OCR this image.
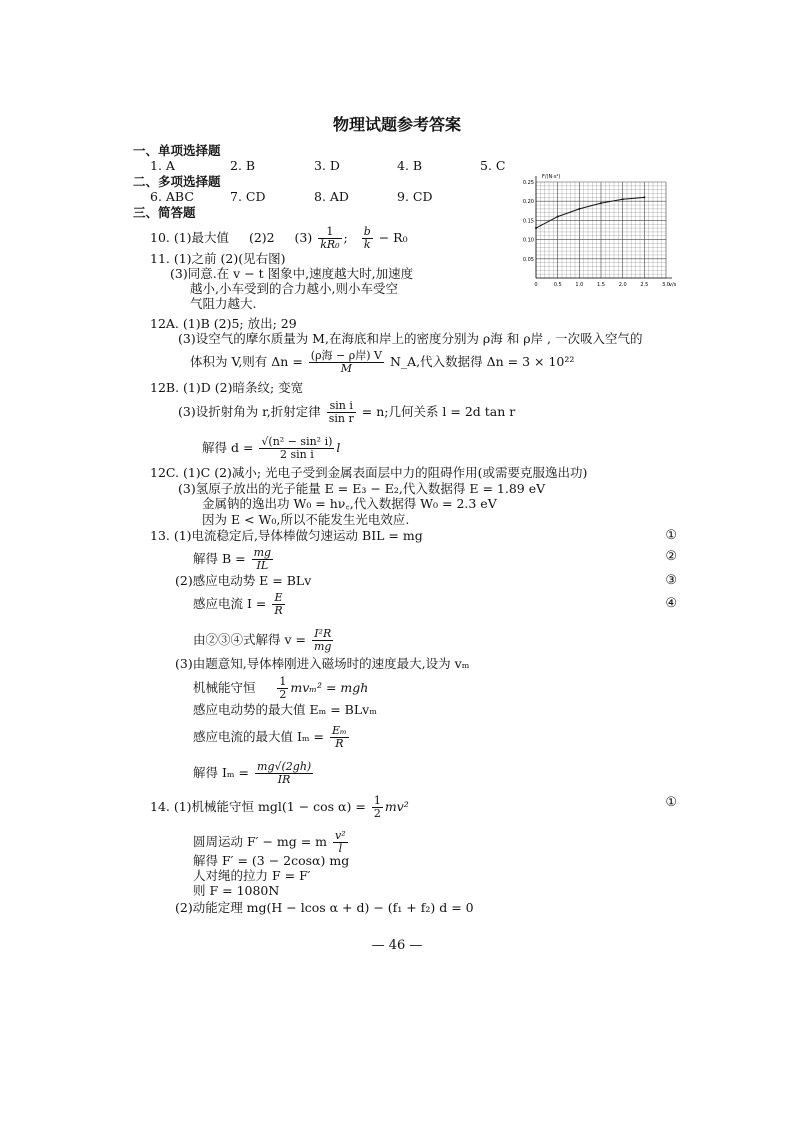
物理试题参考答案
一、单项选择题
1. A	2. B	3. D	4. B	5. C
二、多项选择题
6. ABC	7. CD	8. AD	9. CD
三、简答题
10. (1)最大值 (2)2 $(3) \frac{1}{\text{kR₀}}$ ; $\frac{b}{k} - R_0$
11. (1)之前 (2)(见右图)
(3)同意.在 v − t 图象中,速度越大时,加速度
越小,小车受到的合力越小,则小车受空
气阻力越大.
0	0.5	1.0	1.5	2.0	2.5	3.0
0.05
0.10
0.15
0.20
0.25
F/(N·s²)
v/s
12A. (1)B (2)5; 放出; 29
(3)设空气的摩尔质量为 M,在海底和岸上的密度分别为 ρ海 和 ρ岸 , 一次吸入空气的
体积为 V,则有 $\Delta n = \frac{\text{(ρ海 − ρ岸) V}}{M}$ N_A,代入数据得 Δn = 3 × 10²²
12B. (1)D (2)暗条纹; 变宽
(3)设折射角为 r,折射定律 $\frac{\text{sin i}}{\text{sin r}} = n$;几何关系 l = 2d tan r
解得 $d = \frac{\text{√(n² − sin² i)}}{\text{2 sin i}}$ l
12C. (1)C (2)减小; 光电子受到金属表面层中力的阻碍作用(或需要克服逸出功)
(3)氢原子放出的光子能量 E = E₃ − E₂,代入数据得 E = 1.89 eV
金属钠的逸出功 W₀ = hν꜀,代入数据得 W₀ = 2.3 eV
因为 E < W₀,所以不能发生光电效应.
13. (1)电流稳定后,导体棒做匀速运动 BIL = mg	①
解得 $B = \frac{mg}{IL}$	②
(2)感应电动势 E = BLv	③
感应电流 $I = \frac{E}{R}$	④
由②③④式解得 $v = \frac{\text{I²R}}{mg}$
(3)由题意知,导体棒刚进入磁场时的速度最大,设为 vₘ
机械能守恒 $\frac{1}{2} mv_m^2$ = mgh
感应电动势的最大值 Eₘ = BLvₘ
感应电流的最大值 $I_m = \frac{\text{Eₘ}}{R}$
解得 $I_m = \frac{mg√(2gh)}{IR}$
14. (1)机械能守恒 $mgl(1 - \cos \alpha) = \frac{1}{2} mv^2$	①
圆周运动 F′ − mg = m $\frac{\text{v²}}{l}$
解得 F′ = (3 − 2cosα) mg
人对绳的拉力 F = F′
则 F = 1080N
(2)动能定理 mg(H − lcos α + d) − (f₁ + f₂) d = 0
— 46 —
